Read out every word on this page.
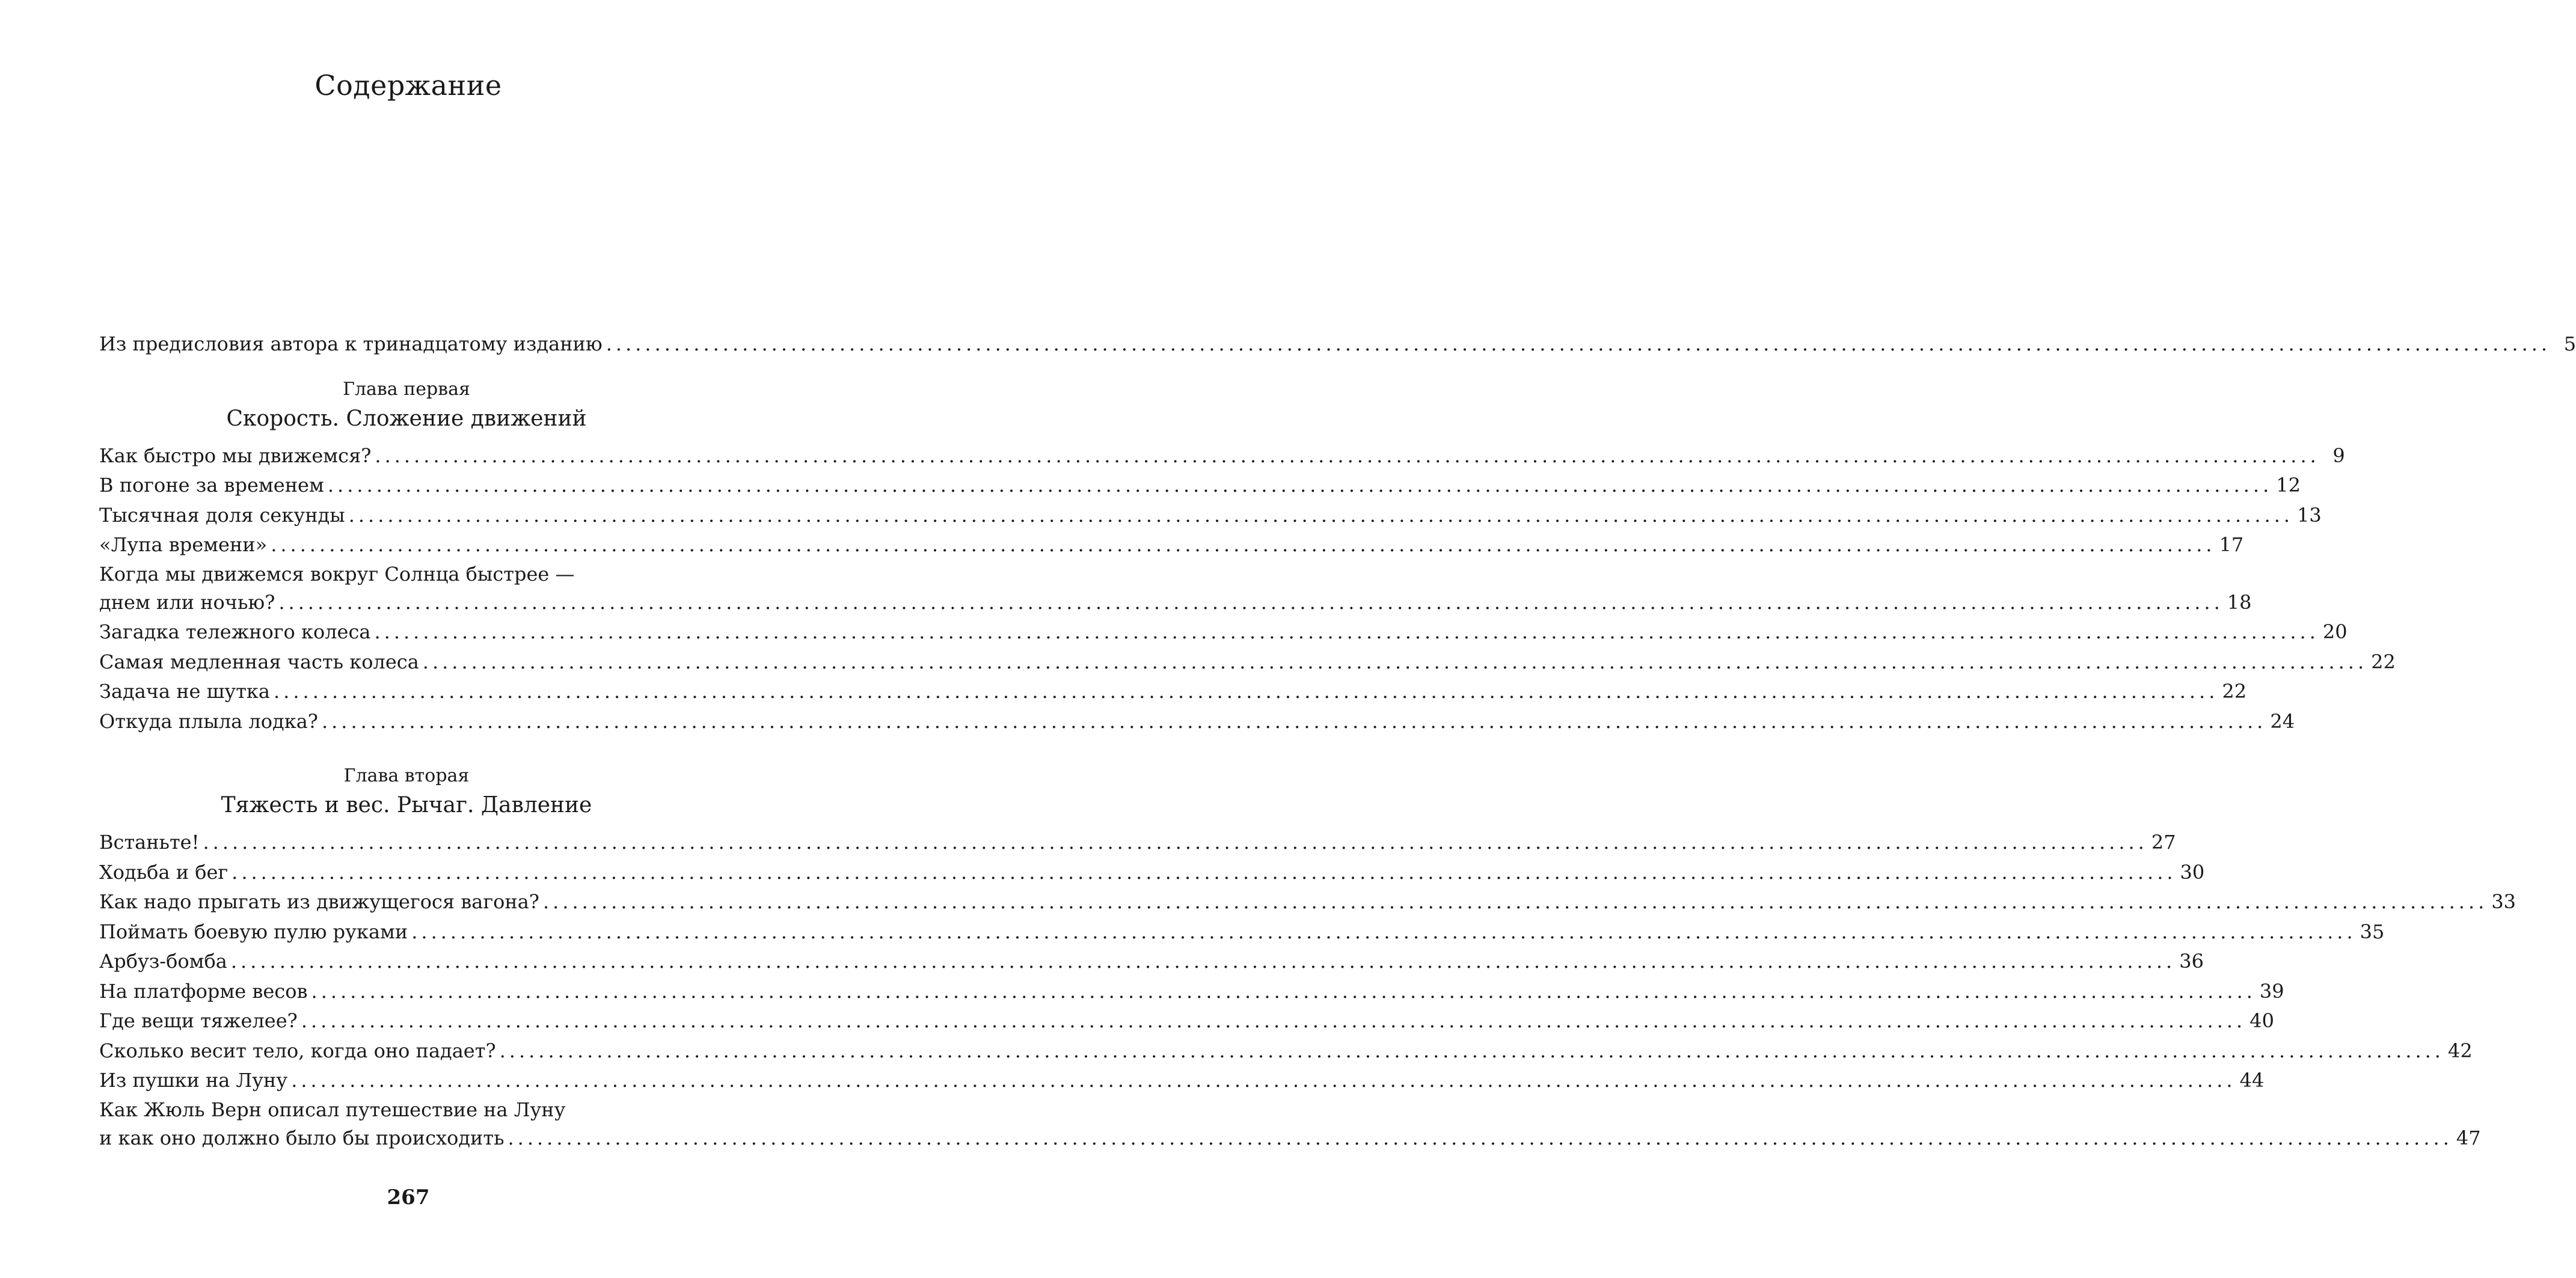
Содержание
Из предисловия автора к тринадцатому изданию ........................................................................................................................................................................................................ 5
Глава первая
Скорость. Сложение движений
Как быстро мы движемся? ........................................................................................................................................................................................................ 9
В погоне за временем ........................................................................................................................................................................................................ 12
Тысячная доля секунды ........................................................................................................................................................................................................ 13
«Лупа времени» ........................................................................................................................................................................................................ 17
Когда мы движемся вокруг Солнца быстрее —
днем или ночью? ........................................................................................................................................................................................................ 18
Загадка тележного колеса ........................................................................................................................................................................................................ 20
Самая медленная часть колеса ........................................................................................................................................................................................................ 22
Задача не шутка ........................................................................................................................................................................................................ 22
Откуда плыла лодка? ........................................................................................................................................................................................................ 24
Глава вторая
Тяжесть и вес. Рычаг. Давление
Встаньте! ........................................................................................................................................................................................................ 27
Ходьба и бег ........................................................................................................................................................................................................ 30
Как надо прыгать из движущегося вагона? ........................................................................................................................................................................................................ 33
Поймать боевую пулю руками ........................................................................................................................................................................................................ 35
Арбуз-бомба ........................................................................................................................................................................................................ 36
На платформе весов ........................................................................................................................................................................................................ 39
Где вещи тяжелее? ........................................................................................................................................................................................................ 40
Сколько весит тело, когда оно падает? ........................................................................................................................................................................................................ 42
Из пушки на Луну ........................................................................................................................................................................................................ 44
Как Жюль Верн описал путешествие на Луну
и как оно должно было бы происходить ........................................................................................................................................................................................................ 47
267
